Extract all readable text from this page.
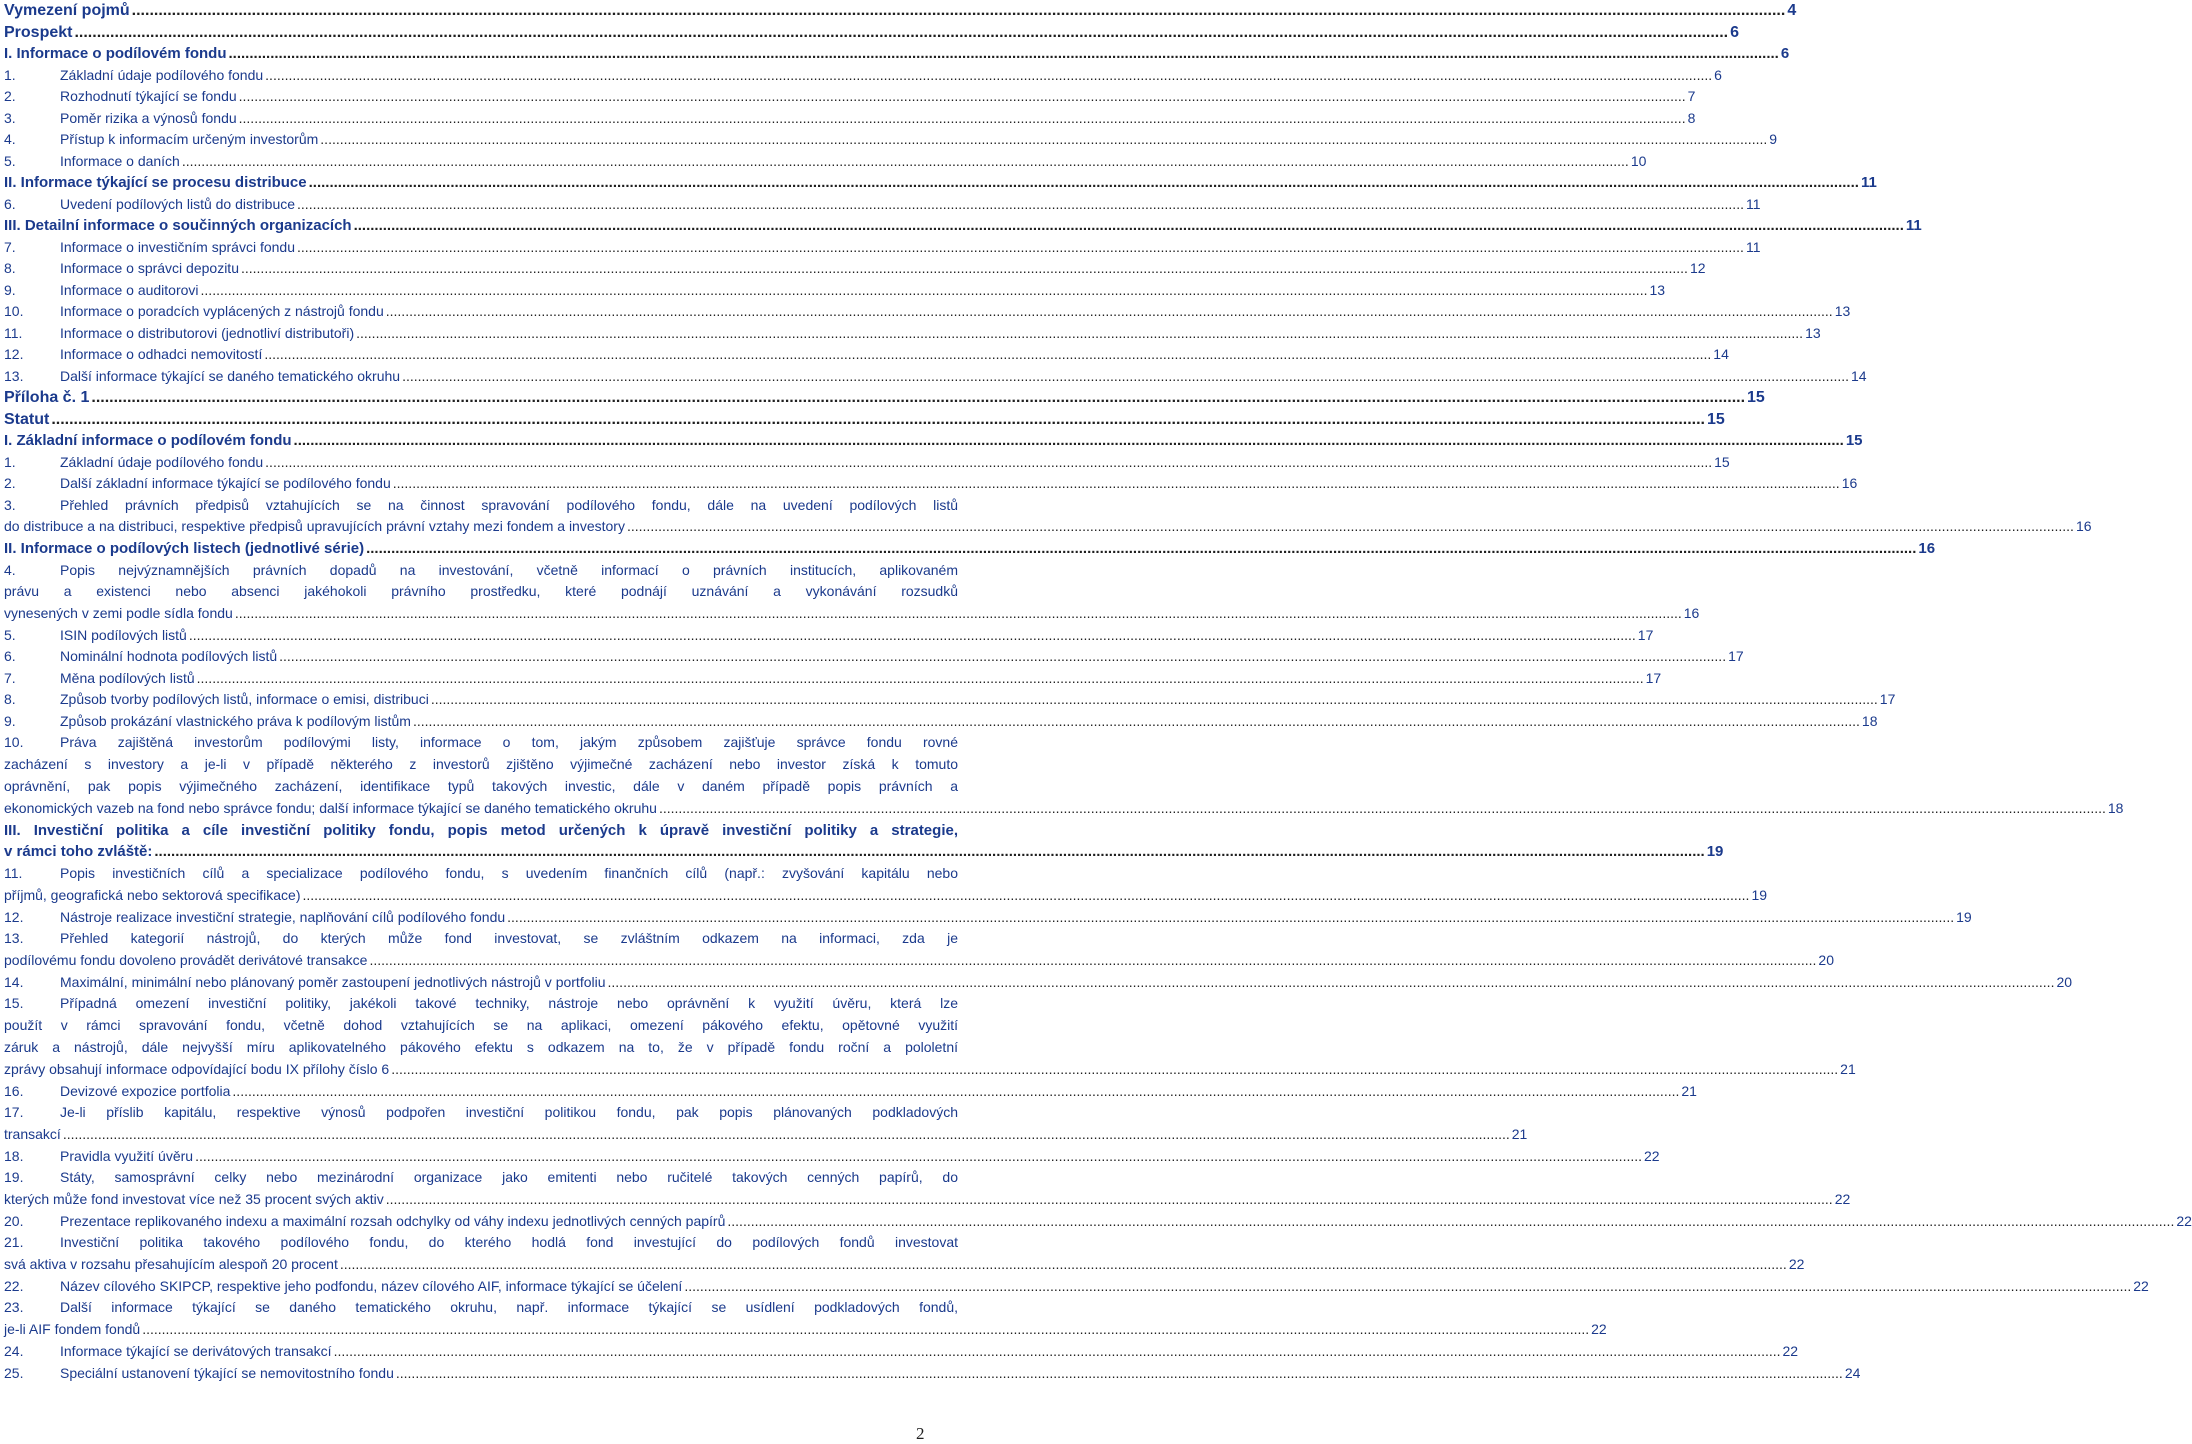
Vymezení pojmů .....	4
Prospekt .....	6
I. Informace o podílovém fondu .....	6
1.	Základní údaje podílového fondu .....	6
2.	Rozhodnutí týkající se fondu .....	7
3.	Poměr rizika a výnosů fondu .....	8
4.	Přístup k informacím určeným investorům .....	9
5.	Informace o daních .....	10
II. Informace týkající se procesu distribuce .....	11
6.	Uvedení podílových listů do distribuce .....	11
III. Detailní informace o součinných organizacích .....	11
7.	Informace o investičním správci fondu .....	11
8.	Informace o správci depozitu .....	12
9.	Informace o auditorovi .....	13
10.	Informace o poradcích vyplácených z nástrojů fondu .....	13
11.	Informace o distributorovi (jednotliví distributoři) .....	13
12.	Informace o odhadci nemovitostí .....	14
13.	Další informace týkající se daného tematického okruhu .....	14
Příloha č. 1 .....	15
Statut .....	15
I. Základní informace o podílovém fondu .....	15
1.	Základní údaje podílového fondu .....	15
2.	Další základní informace týkající se podílového fondu .....	16
3.	Přehled právních předpisů vztahujících se na činnost spravování podílového fondu, dále na uvedení podílových listů
do distribuce a na distribuci, respektive předpisů upravujících právní vztahy mezi fondem a investory .....	16
II. Informace o podílových listech (jednotlivé série) .....	16
4.	Popis nejvýznamnějších právních dopadů na investování, včetně informací o právních institucích, aplikovaném
právu a existenci nebo absenci jakéhokoli právního prostředku, které podnájí uznávání a vykonávání rozsudků
vynesených v zemi podle sídla fondu .....	16
5.	ISIN podílových listů .....	17
6.	Nominální hodnota podílových listů .....	17
7.	Měna podílových listů .....	17
8.	Způsob tvorby podílových listů, informace o emisi, distribuci .....	17
9.	Způsob prokázání vlastnického práva k podílovým listům .....	18
10.	Práva zajištěná investorům podílovými listy, informace o tom, jakým způsobem zajišťuje správce fondu rovné
zacházení s investory a je-li v případě některého z investorů zjištěno výjimečné zacházení nebo investor získá k tomuto
oprávnění, pak popis výjimečného zacházení, identifikace typů takových investic, dále v daném případě popis právních a
ekonomických vazeb na fond nebo správce fondu; další informace týkající se daného tematického okruhu .....	18
III. Investiční politika a cíle investiční politiky fondu, popis metod určených k úpravě investiční politiky a strategie,
v rámci toho zvláště: .....	19
11.	Popis investičních cílů a specializace podílového fondu, s uvedením finančních cílů (např.: zvyšování kapitálu nebo
příjmů, geografická nebo sektorová specifikace) .....	19
12.	Nástroje realizace investiční strategie, naplňování cílů podílového fondu .....	19
13.	Přehled kategorií nástrojů, do kterých může fond investovat, se zvláštním odkazem na informaci, zda je
podílovému fondu dovoleno provádět derivátové transakce .....	20
14.	Maximální, minimální nebo plánovaný poměr zastoupení jednotlivých nástrojů v portfoliu .....	20
15.	Případná omezení investiční politiky, jakékoli takové techniky, nástroje nebo oprávnění k využití úvěru, která lze
použít v rámci spravování fondu, včetně dohod vztahujících se na aplikaci, omezení pákového efektu, opětovné využití
záruk a nástrojů, dále nejvyšší míru aplikovatelného pákového efektu s odkazem na to, že v případě fondu roční a pololetní
zprávy obsahují informace odpovídající bodu IX přílohy číslo 6 .....	21
16.	Devizové expozice portfolia .....	21
17.	Je-li příslib kapitálu, respektive výnosů podpořen investiční politikou fondu, pak popis plánovaných podkladových
transakcí .....	21
18.	Pravidla využití úvěru .....	22
19.	Státy, samosprávní celky nebo mezinárodní organizace jako emitenti nebo ručitelé takových cenných papírů, do
kterých může fond investovat více než 35 procent svých aktiv .....	22
20.	Prezentace replikovaného indexu a maximální rozsah odchylky od váhy indexu jednotlivých cenných papírů .....	22
21.	Investiční politika takového podílového fondu, do kterého hodlá fond investující do podílových fondů investovat
svá aktiva v rozsahu přesahujícím alespoň 20 procent .....	22
22.	Název cílového SKIPCP, respektive jeho podfondu, název cílového AIF, informace týkající se účelení .....	22
23.	Další informace týkající se daného tematického okruhu, např. informace týkající se usídlení podkladových fondů,
je-li AIF fondem fondů .....	22
24.	Informace týkající se derivátových transakcí .....	22
25.	Speciální ustanovení týkající se nemovitostního fondu .....	24
2
